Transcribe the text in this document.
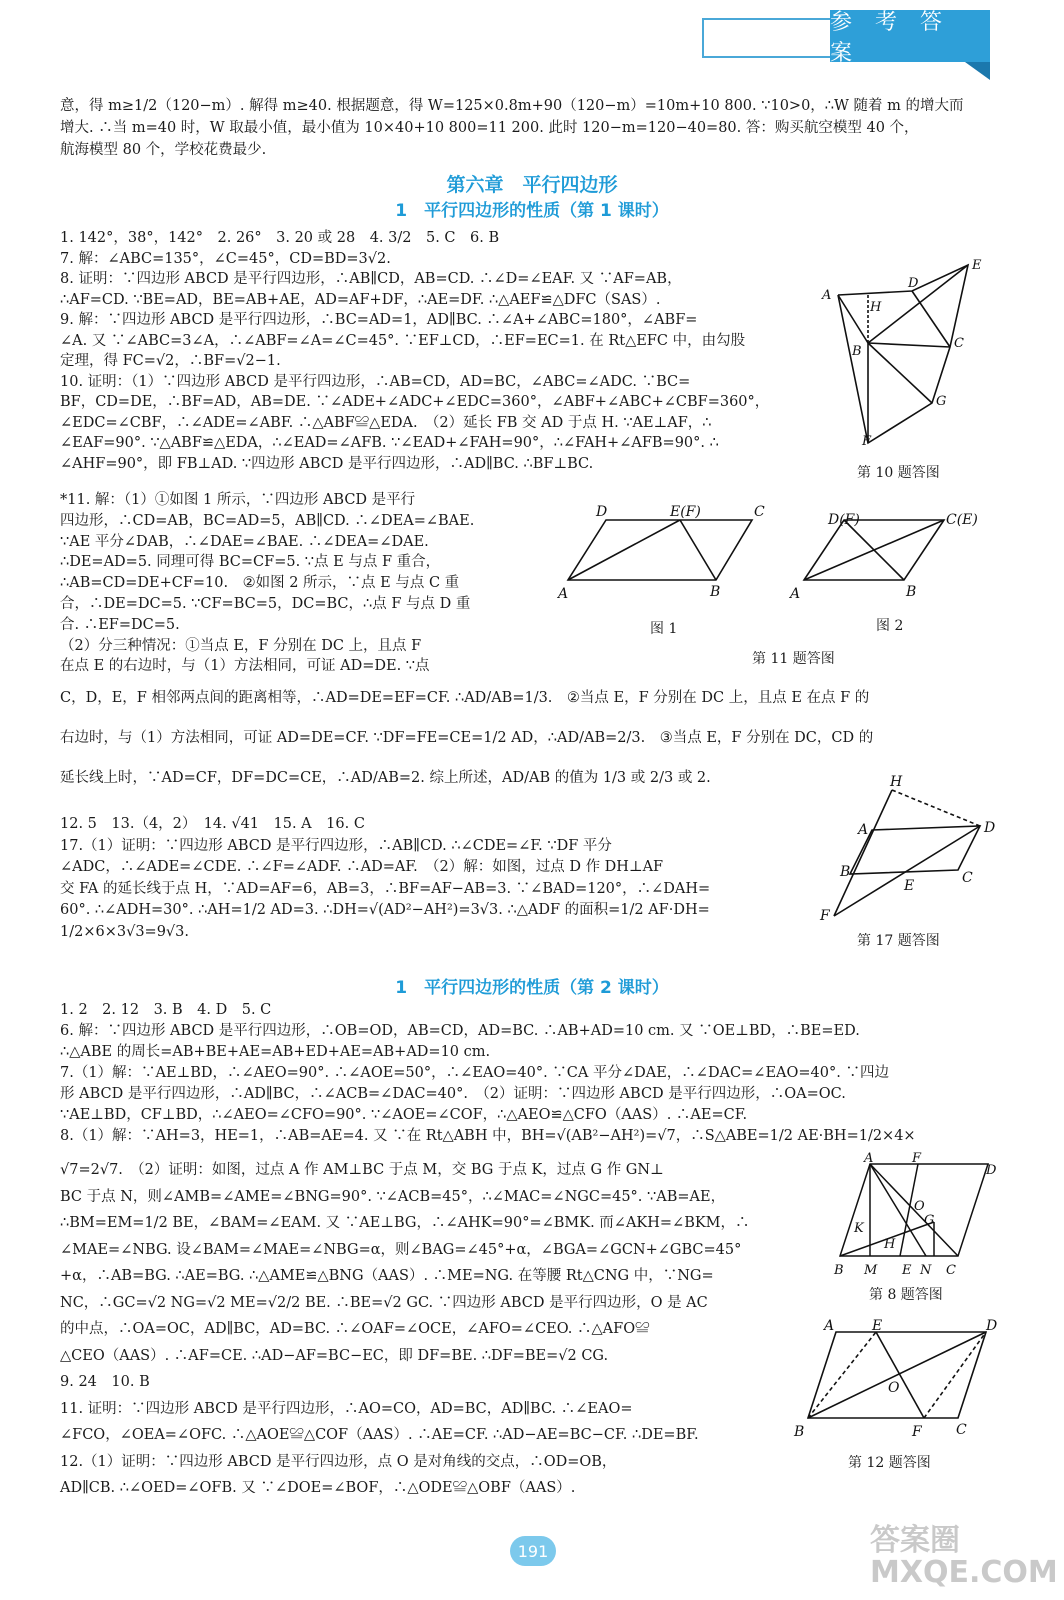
参 考 答 案
意，得 m≥1/2（120−m）. 解得 m≥40. 根据题意，得 W=125×0.8m+90（120−m）=10m+10 800. ∵10>0，∴W 随着 m 的增大而
增大. ∴当 m=40 时，W 取最小值，最小值为 10×40+10 800=11 200. 此时 120−m=120−40=80. 答：购买航空模型 40 个，
航海模型 80 个，学校花费最少.
第六章　平行四边形
1　平行四边形的性质（第 1 课时）
1. 142°，38°，142°　2. 26°　3. 20 或 28　4. 3/2　5. C　6. B
7. 解：∠ABC=135°，∠C=45°，CD=BD=3√2.
8. 证明：∵四边形 ABCD 是平行四边形，∴AB∥CD，AB=CD. ∴∠D=∠EAF. 又 ∵AF=AB，
∴AF=CD. ∵BE=AD，BE=AB+AE，AD=AF+DF，∴AE=DF. ∴△AEF≌△DFC（SAS）.
9. 解：∵四边形 ABCD 是平行四边形，∴BC=AD=1，AD∥BC. ∴∠A+∠ABC=180°，∠ABF=
∠A. 又 ∵∠ABC=3∠A，∴∠ABF=∠A=∠C=45°. ∵EF⊥CD，∴EF=EC=1. 在 Rt△EFC 中，由勾股
定理，得 FC=√2，∴BF=√2−1.
10. 证明：（1）∵四边形 ABCD 是平行四边形，∴AB=CD，AD=BC，∠ABC=∠ADC. ∵BC=
BF，CD=DE，∴BF=AD，AB=DE. ∵∠ADE+∠ADC+∠EDC=360°，∠ABF+∠ABC+∠CBF=360°，
∠EDC=∠CBF，∴∠ADE=∠ABF. ∴△ABF≌△EDA.　（2）延长 FB 交 AD 于点 H. ∵AE⊥AF，∴
∠EAF=90°. ∵△ABF≌△EDA，∴∠EAD=∠AFB. ∵∠EAD+∠FAH=90°，∴∠FAH+∠AFB=90°. ∴
∠AHF=90°，即 FB⊥AD. ∵四边形 ABCD 是平行四边形，∴AD∥BC. ∴BF⊥BC.
*11. 解：（1）①如图 1 所示，∵四边形 ABCD 是平行
四边形，∴CD=AB，BC=AD=5，AB∥CD. ∴∠DEA=∠BAE.
∵AE 平分∠DAB，∴∠DAE=∠BAE. ∴∠DEA=∠DAE.
∴DE=AD=5. 同理可得 BC=CF=5. ∵点 E 与点 F 重合，
∴AB=CD=DE+CF=10.　②如图 2 所示，∵点 E 与点 C 重
合，∴DE=DC=5. ∵CF=BC=5，DC=BC，∴点 F 与点 D 重
合. ∴EF=DC=5.
（2）分三种情况：①当点 E，F 分别在 DC 上，且点 F
在点 E 的右边时，与（1）方法相同，可证 AD=DE. ∵点
C，D，E，F 相邻两点间的距离相等，∴AD=DE=EF=CF. ∴AD/AB=1/3.　②当点 E，F 分别在 DC 上，且点 E 在点 F 的
右边时，与（1）方法相同，可证 AD=DE=CF. ∵DF=FE=CE=1/2 AD，∴AD/AB=2/3.　③当点 E，F 分别在 DC，CD 的
延长线上时，∵AD=CF，DF=DC=CE，∴AD/AB=2. 综上所述，AD/AB 的值为 1/3 或 2/3 或 2.
12. 5　13.（4，2）　14. √41　15. A　16. C
17.（1）证明：∵四边形 ABCD 是平行四边形，∴AB∥CD. ∴∠CDE=∠F. ∵DF 平分
∠ADC，∴∠ADE=∠CDE. ∴∠F=∠ADF. ∴AD=AF.　（2）解：如图，过点 D 作 DH⊥AF
交 FA 的延长线于点 H，∵AD=AF=6，AB=3，∴BF=AF−AB=3. ∵∠BAD=120°，∴∠DAH=
60°. ∴∠ADH=30°. ∴AH=1/2 AD=3. ∴DH=√(AD²−AH²)=3√3. ∴△ADF 的面积=1/2 AF·DH=
1/2×6×3√3=9√3.
1　平行四边形的性质（第 2 课时）
1. 2　2. 12　3. B　4. D　5. C
6. 解：∵四边形 ABCD 是平行四边形，∴OB=OD，AB=CD，AD=BC. ∴AB+AD=10 cm. 又 ∵OE⊥BD，∴BE=ED.
∴△ABE 的周长=AB+BE+AE=AB+ED+AE=AB+AD=10 cm.
7.（1）解：∵AE⊥BD，∴∠AEO=90°. ∴∠AOE=50°，∴∠EAO=40°. ∵CA 平分∠DAE，∴∠DAC=∠EAO=40°. ∵四边
形 ABCD 是平行四边形，∴AD∥BC，∴∠ACB=∠DAC=40°.　（2）证明：∵四边形 ABCD 是平行四边形，∴OA=OC.
∵AE⊥BD，CF⊥BD，∴∠AEO=∠CFO=90°. ∵∠AOE=∠COF，∴△AEO≌△CFO（AAS）. ∴AE=CF.
8.（1）解：∵AH=3，HE=1，∴AB=AE=4. 又 ∵在 Rt△ABH 中，BH=√(AB²−AH²)=√7，∴S△ABE=1/2 AE·BH=1/2×4×
√7=2√7.　（2）证明：如图，过点 A 作 AM⊥BC 于点 M，交 BG 于点 K，过点 G 作 GN⊥
BC 于点 N，则∠AMB=∠AME=∠BNG=90°. ∵∠ACB=45°，∴∠MAC=∠NGC=45°. ∵AB=AE，
∴BM=EM=1/2 BE，∠BAM=∠EAM. 又 ∵AE⊥BG，∴∠AHK=90°=∠BMK. 而∠AKH=∠BKM，∴
∠MAE=∠NBG. 设∠BAM=∠MAE=∠NBG=α，则∠BAG=∠45°+α，∠BGA=∠GCN+∠GBC=45°
+α，∴AB=BG. ∴AE=BG. ∴△AME≌△BNG（AAS）. ∴ME=NG. 在等腰 Rt△CNG 中，∵NG=
NC，∴GC=√2 NG=√2 ME=√2/2 BE. ∴BE=√2 GC. ∵四边形 ABCD 是平行四边形，O 是 AC
的中点，∴OA=OC，AD∥BC，AD=BC. ∴∠OAF=∠OCE，∠AFO=∠CEO. ∴△AFO≌
△CEO（AAS）. ∴AF=CE. ∴AD−AF=BC−EC，即 DF=BE. ∴DF=BE=√2 CG.
9. 24　10. B
11. 证明：∵四边形 ABCD 是平行四边形，∴AO=CO，AD=BC，AD∥BC. ∴∠EAO=
∠FCO，∠OEA=∠OFC. ∴△AOE≌△COF（AAS）. ∴AE=CF. ∴AD−AE=BC−CF. ∴DE=BF.
12.（1）证明：∵四边形 ABCD 是平行四边形，点 O 是对角线的交点，∴OD=OB，
AD∥CB. ∴∠OED=∠OFB. 又 ∵∠DOE=∠BOF，∴△ODE≌△OBF（AAS）.
A
D
E
H
B
C
G
F
第 10 题答图
D	E(F)	C
A	B
图 1
D(F)	C(E)
A	B
图 2
第 11 题答图
H
A	D
B
E	C
F
第 17 题答图
A	F
D
O
G
K
H
B M E N C
第 8 题答图
A	E	D
O
B	F C
第 12 题答图
191	答案圈
MXQE.COM
